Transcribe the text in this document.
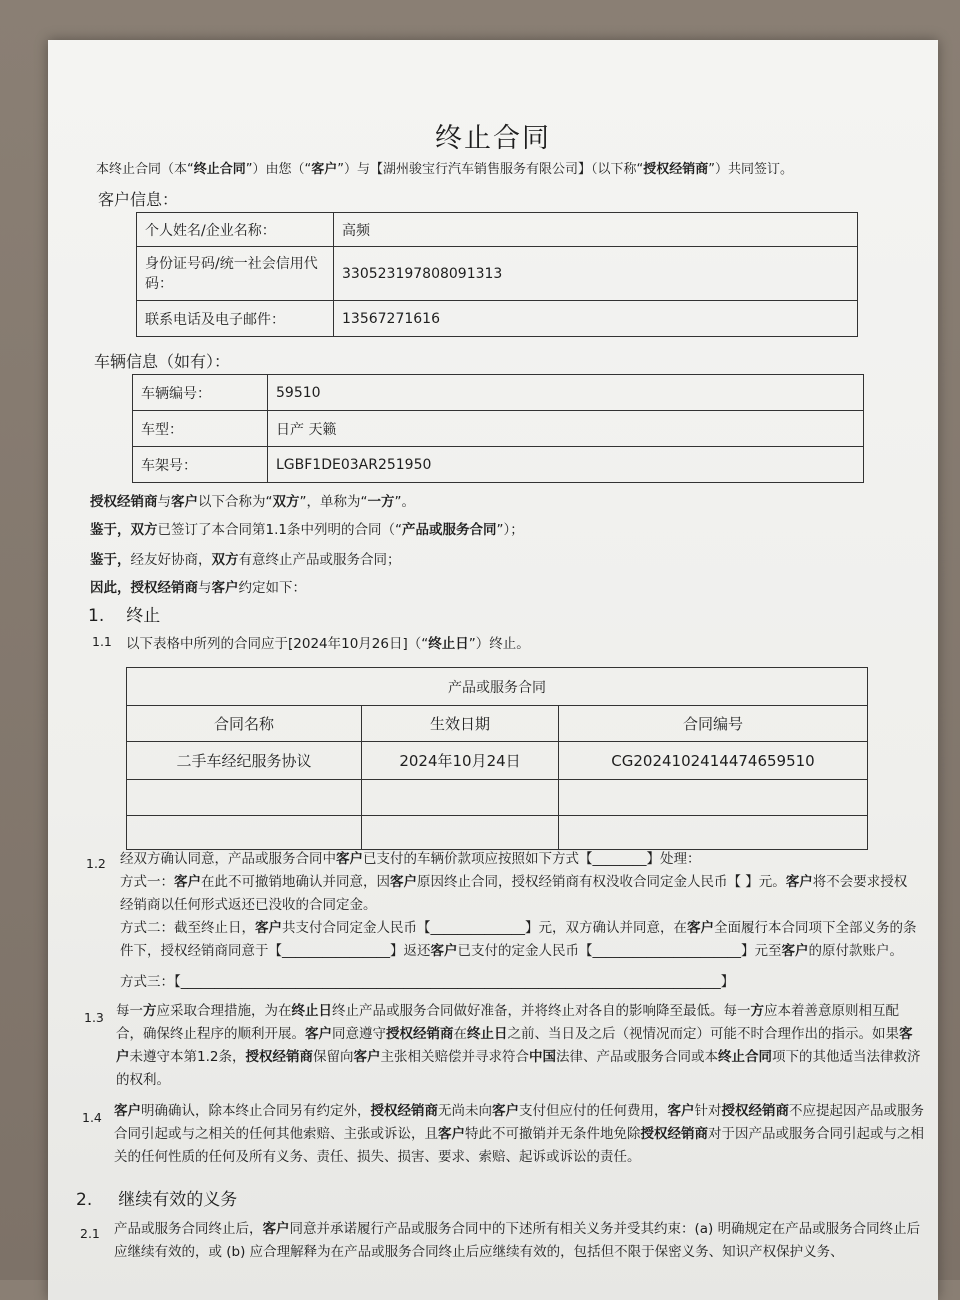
终止合同
本终止合同（本“终止合同”）由您（“客户”）与【湖州骏宝行汽车销售服务有限公司】（以下称“授权经销商”）共同签订。
客户信息：
个人姓名/企业名称：	高频
身份证号码/统一社会信用代码：	330523197808091313
联系电话及电子邮件：	13567271616
车辆信息（如有）：
车辆编号：	59510
车型：	日产 天籁
车架号：	LGBF1DE03AR251950
授权经销商与客户以下合称为“双方”，单称为“一方”。
鉴于，双方已签订了本合同第1.1条中列明的合同（“产品或服务合同”）；
鉴于，经友好协商，双方有意终止产品或服务合同；
因此，授权经销商与客户约定如下：
1. 终止
1.1 以下表格中所列的合同应于[2024年10月26日]（“终止日”）终止。
产品或服务合同		
合同名称	生效日期	合同编号
二手车经纪服务协议	2024年10月24日	CG2024102414474659510

1.2 经双方确认同意，产品或服务合同中客户已支付的车辆价款项应按照如下方式【________】处理：
方式一：客户在此不可撤销地确认并同意，因客户原因终止合同，授权经销商有权没收合同定金人民币【 】元。客户将不会要求授权经销商以任何形式返还已没收的合同定金。
方式二：截至终止日，客户共支付合同定金人民币【______________】元，双方确认并同意，在客户全面履行本合同项下全部义务的条件下，授权经销商同意于【________________】返还客户已支付的定金人民币【______________________】元至客户的原付款账户。
方式三：【________________________________________________________________________________】
1.3 每一方应采取合理措施，为在终止日终止产品或服务合同做好准备，并将终止对各自的影响降至最低。每一方应本着善意原则相互配合，确保终止程序的顺利开展。客户同意遵守授权经销商在终止日之前、当日及之后（视情况而定）可能不时合理作出的指示。如果客户未遵守本第1.2条，授权经销商保留向客户主张相关赔偿并寻求符合中国法律、产品或服务合同或本终止合同项下的其他适当法律救济的权利。
1.4 客户明确确认，除本终止合同另有约定外，授权经销商无尚未向客户支付但应付的任何费用，客户针对授权经销商不应提起因产品或服务合同引起或与之相关的任何其他索赔、主张或诉讼，且客户特此不可撤销并无条件地免除授权经销商对于因产品或服务合同引起或与之相关的任何性质的任何及所有义务、责任、损失、损害、要求、索赔、起诉或诉讼的责任。
2. 继续有效的义务
2.1 产品或服务合同终止后，客户同意并承诺履行产品或服务合同中的下述所有相关义务并受其约束：(a) 明确规定在产品或服务合同终止后应继续有效的，或 (b) 应合理解释为在产品或服务合同终止后应继续有效的，包括但不限于保密义务、知识产权保护义务、
